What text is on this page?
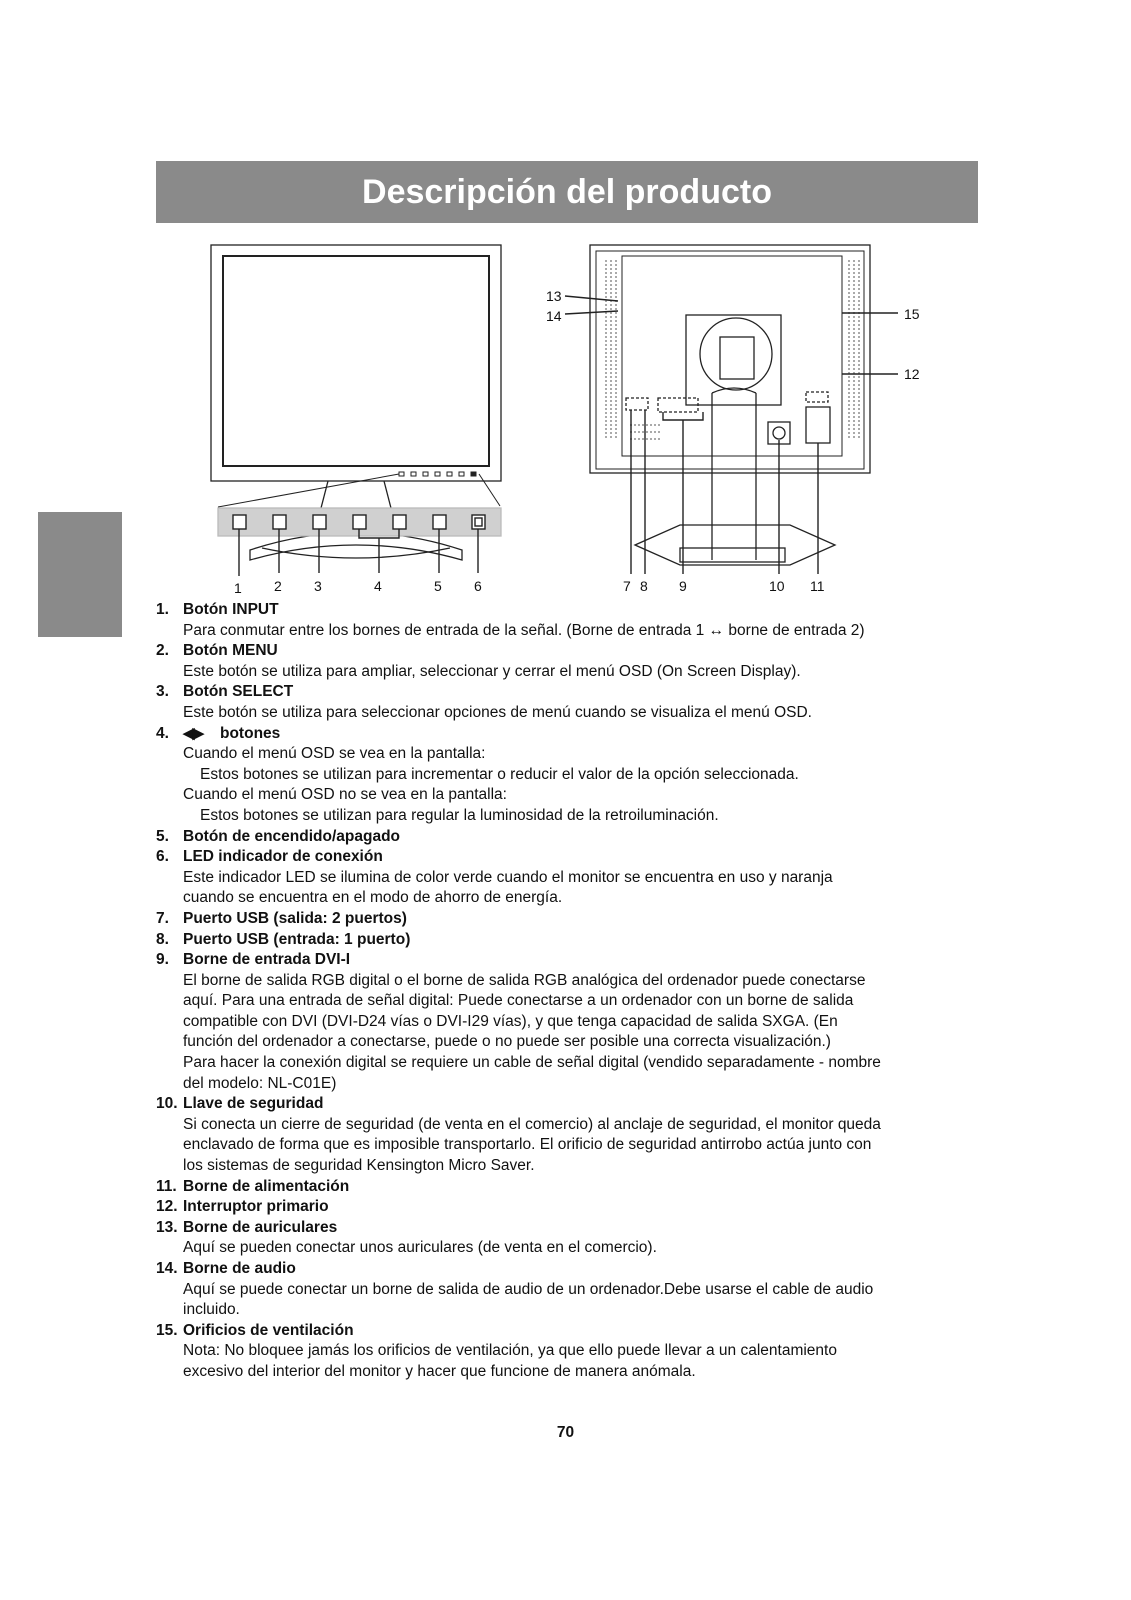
Descripción del producto
1 2 3	4	5 6	7 8 9	10 11
12
13
14	15
1. Botón INPUT
Para conmutar entre los bornes de entrada de la señal. (Borne de entrada 1 ↔ borne de entrada 2)
2. Botón MENU
Este botón se utiliza para ampliar, seleccionar y cerrar el menú OSD (On Screen Display).
3. Botón SELECT
Este botón se utiliza para seleccionar opciones de menú cuando se visualiza el menú OSD.
4. ◀▶ botones
Cuando el menú OSD se vea en la pantalla:
Estos botones se utilizan para incrementar o reducir el valor de la opción seleccionada.
Cuando el menú OSD no se vea en la pantalla:
Estos botones se utilizan para regular la luminosidad de la retroiluminación.
5. Botón de encendido/apagado
6. LED indicador de conexión
Este indicador LED se ilumina de color verde cuando el monitor se encuentra en uso y naranja
cuando se encuentra en el modo de ahorro de energía.
7. Puerto USB (salida: 2 puertos)
8. Puerto USB (entrada: 1 puerto)
9. Borne de entrada DVI-I
El borne de salida RGB digital o el borne de salida RGB analógica del ordenador puede conectarse
aquí. Para una entrada de señal digital: Puede conectarse a un ordenador con un borne de salida
compatible con DVI (DVI-D24 vías o DVI-I29 vías), y que tenga capacidad de salida SXGA. (En
función del ordenador a conectarse, puede o no puede ser posible una correcta visualización.)
Para hacer la conexión digital se requiere un cable de señal digital (vendido separadamente - nombre
del modelo: NL-C01E)
10. Llave de seguridad
Si conecta un cierre de seguridad (de venta en el comercio) al anclaje de seguridad, el monitor queda
enclavado de forma que es imposible transportarlo. El orificio de seguridad antirrobo actúa junto con
los sistemas de seguridad Kensington Micro Saver.
11. Borne de alimentación
12. Interruptor primario
13. Borne de auriculares
Aquí se pueden conectar unos auriculares (de venta en el comercio).
14. Borne de audio
Aquí se puede conectar un borne de salida de audio de un ordenador.Debe usarse el cable de audio
incluido.
15. Orificios de ventilación
Nota: No bloquee jamás los orificios de ventilación, ya que ello puede llevar a un calentamiento
excesivo del interior del monitor y hacer que funcione de manera anómala.
70
